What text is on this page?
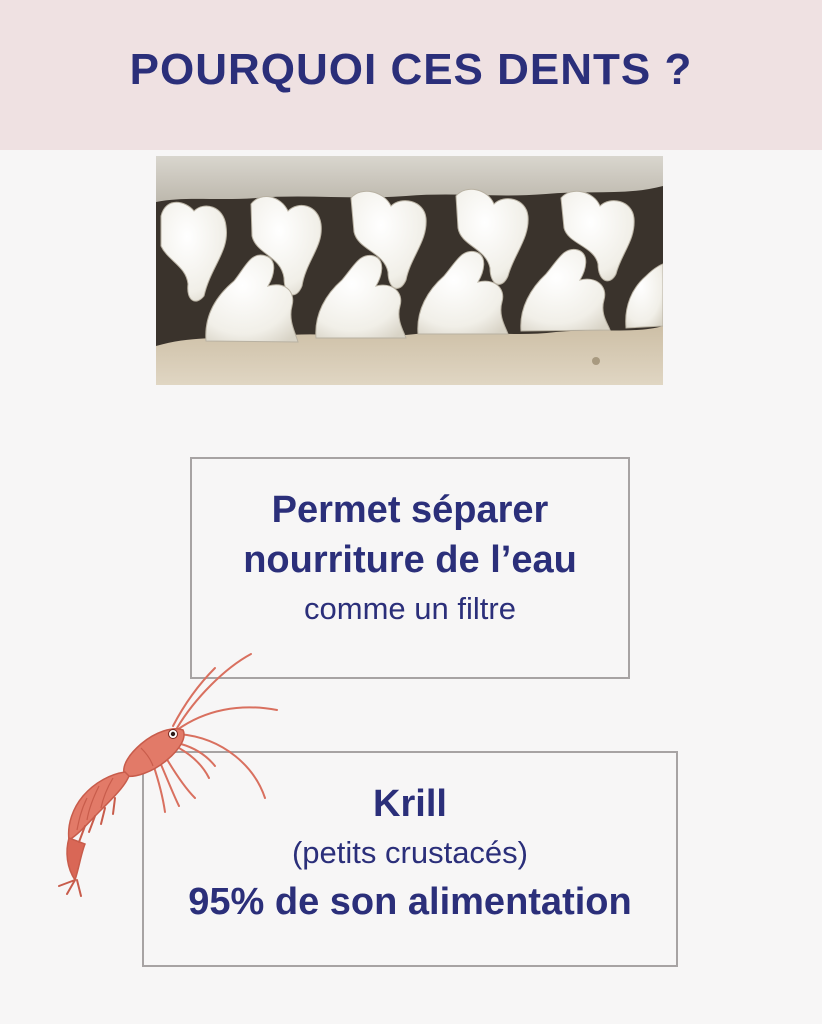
POURQUOI CES DENTS ?
Permet séparer
nourriture de l’eau
comme un filtre
Krill
(petits crustacés)
95% de son alimentation
